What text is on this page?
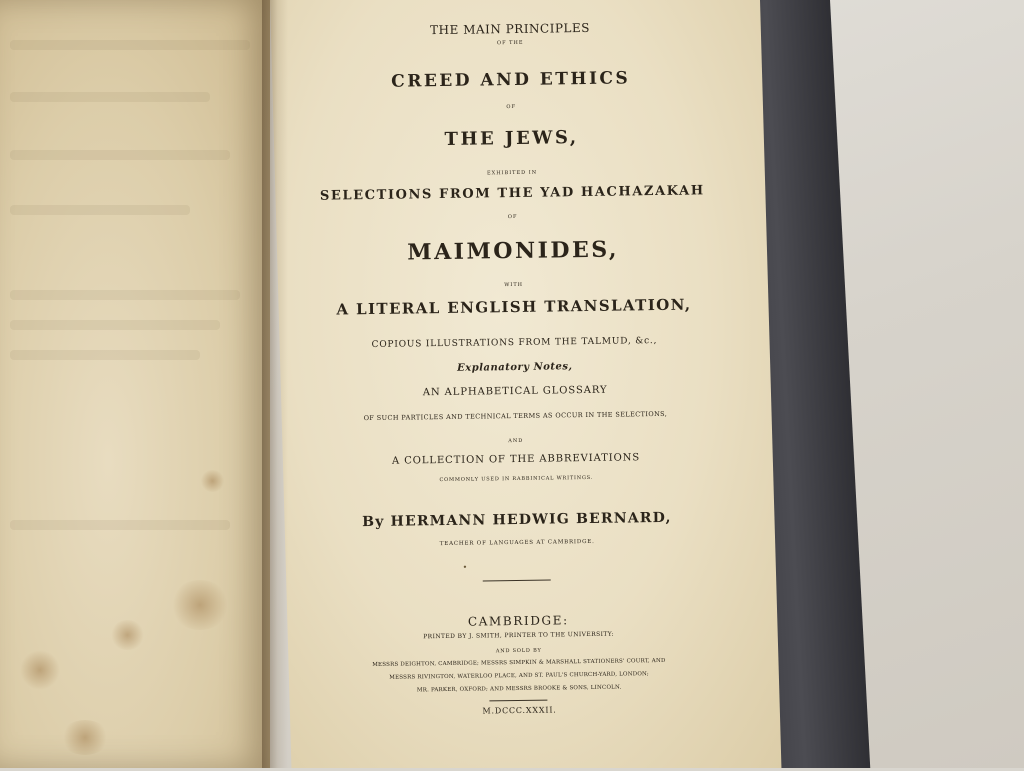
THE MAIN PRINCIPLES
OF THE
CREED AND ETHICS
OF
THE JEWS,
EXHIBITED IN
SELECTIONS FROM THE YAD HACHAZAKAH
OF
MAIMONIDES,
WITH
A LITERAL ENGLISH TRANSLATION,
COPIOUS ILLUSTRATIONS FROM THE TALMUD, &c.,
Explanatory Notes,
AN ALPHABETICAL GLOSSARY
OF SUCH PARTICLES AND TECHNICAL TERMS AS OCCUR IN THE SELECTIONS,
AND
A COLLECTION OF THE ABBREVIATIONS
COMMONLY USED IN RABBINICAL WRITINGS.
By HERMANN HEDWIG BERNARD,
TEACHER OF LANGUAGES AT CAMBRIDGE.
•
CAMBRIDGE:
PRINTED BY J. SMITH, PRINTER TO THE UNIVERSITY:
AND SOLD BY
MESSRS DEIGHTON, CAMBRIDGE; MESSRS SIMPKIN & MARSHALL STATIONERS' COURT, AND
MESSRS RIVINGTON, WATERLOO PLACE, AND ST. PAUL'S CHURCH-YARD, LONDON;
MR. PARKER, OXFORD; AND MESSRS BROOKE & SONS, LINCOLN.
M.DCCC.XXXII.
